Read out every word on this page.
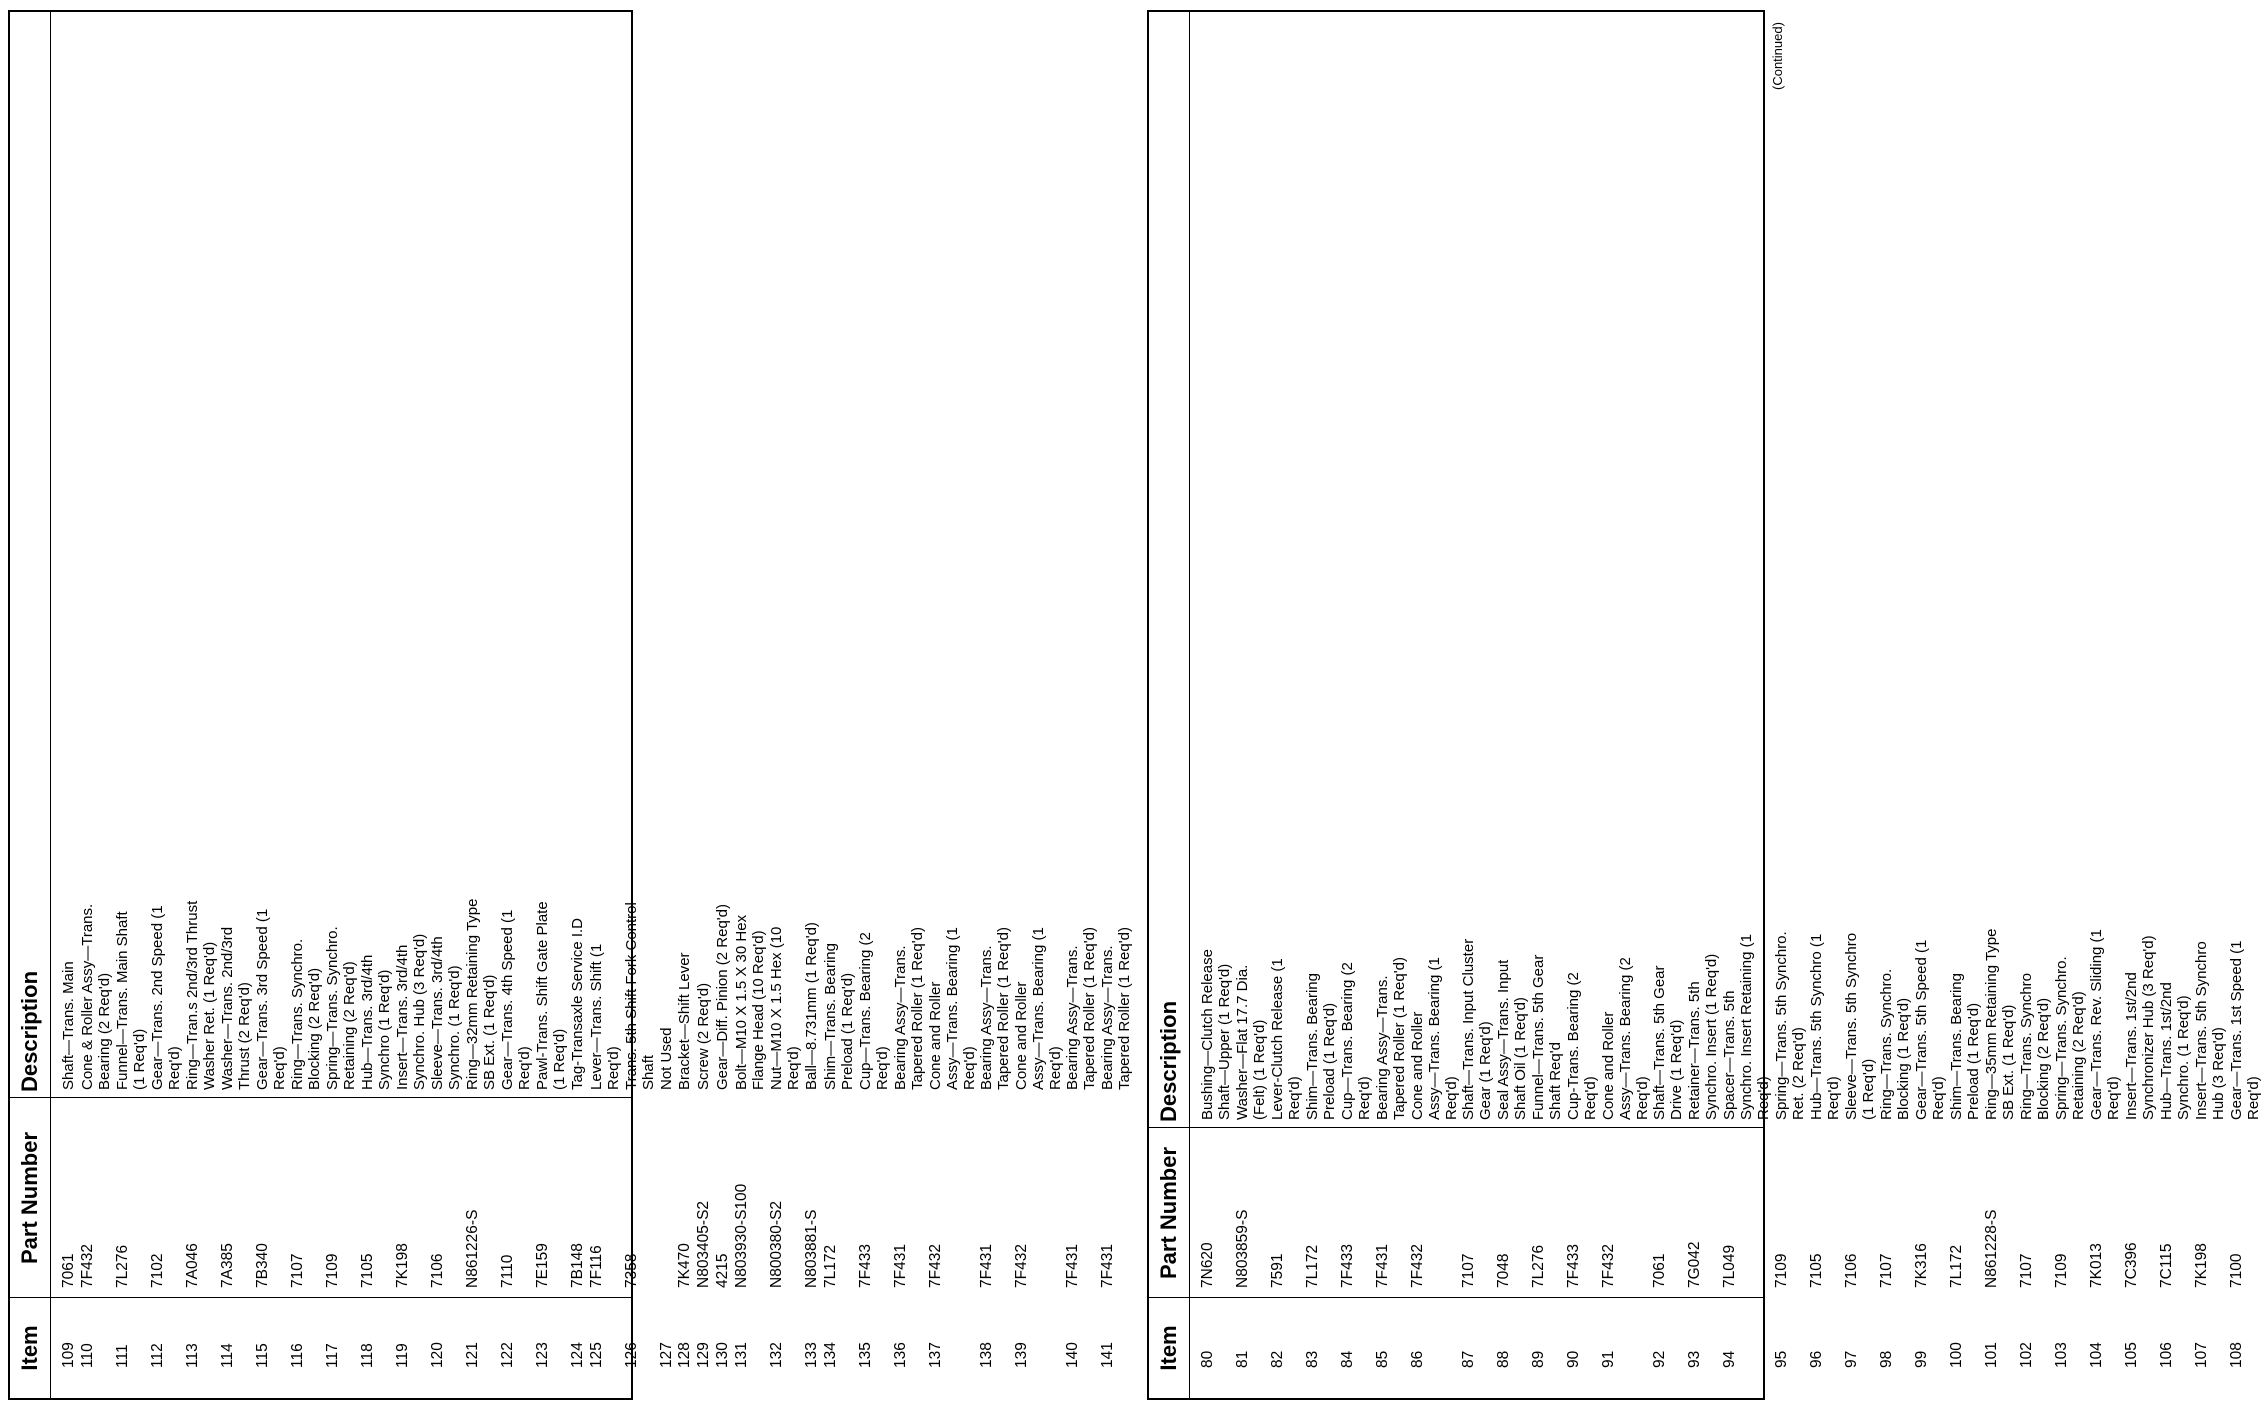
Item
Part Number
Description
80
7N620
Bushing—Clutch Release Shaft—Upper (1 Req'd)
81
N803859-S
Washer—Flat 17.7 Dia. (Felt) (1 Req'd)
82
7591
Lever-Clutch Release (1 Req'd)
83
7L172
Shim—Trans. Bearing Preload (1 Req'd)
84
7F433
Cup—Trans. Bearing (2 Req'd)
85
7F431
Bearing Assy—Trans. Tapered Roller (1 Req'd)
86
7F432
Cone and Roller Assy—Trans. Bearing (1 Req'd)
87
7107
Shaft—Trans. Input Cluster Gear (1 Req'd)
88
7048
Seal Assy—Trans. Input Shaft Oil (1 Req'd)
89
7L276
Funnel—Trans. 5th Gear Shaft Req'd
90
7F433
Cup-Trans. Bearing (2 Req'd)
91
7F432
Cone and Roller Assy—Trans. Bearing (2 Req'd)
92
7061
Shaft—Trans. 5th Gear Drive (1 Req'd)
93
7G042
Retainer—Trans. 5th Synchro. Insert (1 Req'd)
94
7L049
Spacer—Trans. 5th Synchro. Insert Retaining (1 Req'd)
95
7109
Spring—Trans. 5th Synchro. Ret. (2 Req'd)
96
7105
Hub—Trans. 5th Synchro (1 Req'd)
97
7106
Sleeve—Trans. 5th Synchro (1 Req'd)
98
7107
Ring—Trans. Synchro. Blocking (1 Req'd)
99
7K316
Gear—Trans. 5th Speed (1 Req'd)
100
7L172
Shim—Trans. Bearing Preload (1 Req'd)
101
N861228-S
Ring—35mm Retaining Type SB Ext. (1 Req'd)
102
7107
Ring—Trans. Synchro Blocking (2 Req'd)
103
7109
Spring—Trans. Synchro. Retaining (2 Req'd)
104
7K013
Gear—Trans. Rev. Sliding (1 Req'd)
105
7C396
Insert—Trans. 1st/2nd Synchronizer Hub (3 Req'd)
106
7C115
Hub—Trans. 1st/2nd Synchro. (1 Req'd)
107
7K198
Insert—Trans. 5th Synchro Hub (3 Req'd)
108
7100
Gear—Trans. 1st Speed (1 Req'd)
(Continued)
Item
Part Number
Description
109
7061
Shaft—Trans. Main
110
7F432
Cone & Roller Assy—Trans. Bearing (2 Req'd)
111
7L276
Funnel—Trans. Main Shaft (1 Req'd)
112
7102
Gear—Trans. 2nd Speed (1 Req'd)
113
7A046
Ring—Tran.s 2nd/3rd Thrust Washer Ret. (1 Req'd)
114
7A385
Washer—Trans. 2nd/3rd Thrust (2 Req'd)
115
7B340
Gear—Trans. 3rd Speed (1 Req'd)
116
7107
Ring—Trans. Synchro. Blocking (2 Req'd)
117
7109
Spring—Trans. Synchro. Retaining (2 Req'd)
118
7105
Hub—Trans. 3rd/4th Synchro (1 Req'd)
119
7K198
Insert—Trans. 3rd/4th Synchro. Hub (3 Req'd)
120
7106
Sleeve—Trans. 3rd/4th Synchro. (1 Req'd)
121
N861226-S
Ring—32mm Retaining Type SB Ext. (1 Req'd)
122
7110
Gear—Trans. 4th Speed (1 Req'd)
123
7E159
Pawl-Trans. Shift Gate Plate (1 Req'd)
124
7B148
Tag-Transaxle Service I.D
125
7F116
Lever—Trans. Shift (1 Req'd)
126
7358
Trans. 5th Shift Fork Control Shaft
127
Not Used
128
7K470
Bracket—Shift Lever
129
N803405-S2
Screw (2 Req'd)
130
4215
Gear—Diff. Pinion (2 Req'd)
131
N803930-S100
Bolt—M10 X 1.5 X 30 Hex Flange Head (10 Req'd)
132
N800380-S2
Nut—M10 X 1.5 Hex (10 Req'd)
133
N803881-S
Ball—8.731mm (1 Req'd)
134
7L172
Shim—Trans. Bearing Preload (1 Req'd)
135
7F433
Cup—Trans. Bearing (2 Req'd)
136
7F431
Bearing Assy—Trans. Tapered Roller (1 Req'd)
137
7F432
Cone and Roller Assy—Trans. Bearing (1 Req'd)
138
7F431
Bearing Assy—Trans. Tapered Roller (1 Req'd)
139
7F432
Cone and Roller Assy—Trans. Bearing (1 Req'd)
140
7F431
Bearing Assy—Trans. Tapered Roller (1 Req'd)
141
7F431
Bearing Assy—Trans. Tapered Roller (1 Req'd)
